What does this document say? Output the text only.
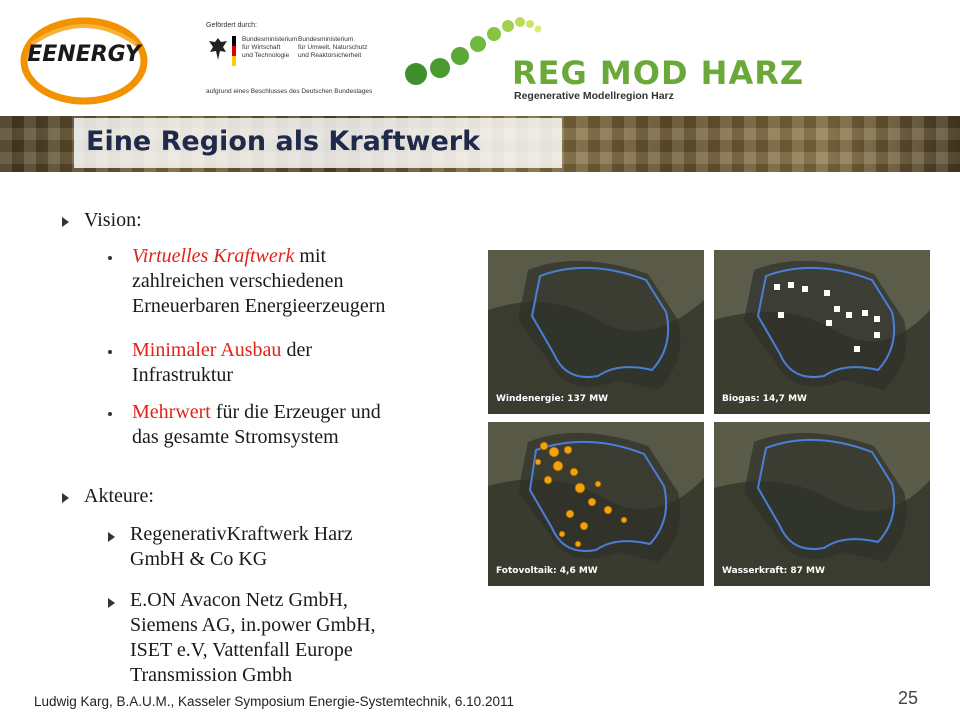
EENERGY
Gefördert durch:
Bundesministerium
für Wirtschaft
und Technologie
Bundesministerium
für Umwelt, Naturschutz
und Reaktorsicherheit
aufgrund eines Beschlusses des Deutschen Bundestages	REG MOD HARZ
Regenerative Modellregion Harz
Eine Region als Kraftwerk
Vision:
Virtuelles Kraftwerk mit
zahlreichen verschiedenen
Erneuerbaren Energieerzeugern
Minimaler Ausbau der
Infrastruktur
Mehrwert für die Erzeuger und
das gesamte Stromsystem
Akteure:
RegenerativKraftwerk Harz
GmbH & Co KG
E.ON Avacon Netz GmbH,
Siemens AG, in.power GmbH,
ISET e.V, Vattenfall Europe
Transmission Gmbh
Windenergie: 137 MW	Biogas: 14,7 MW
Fotovoltaik: 4,6 MW	Wasserkraft: 87 MW
Ludwig Karg, B.A.U.M., Kasseler Symposium Energie-Systemtechnik, 6.10.2011	25
